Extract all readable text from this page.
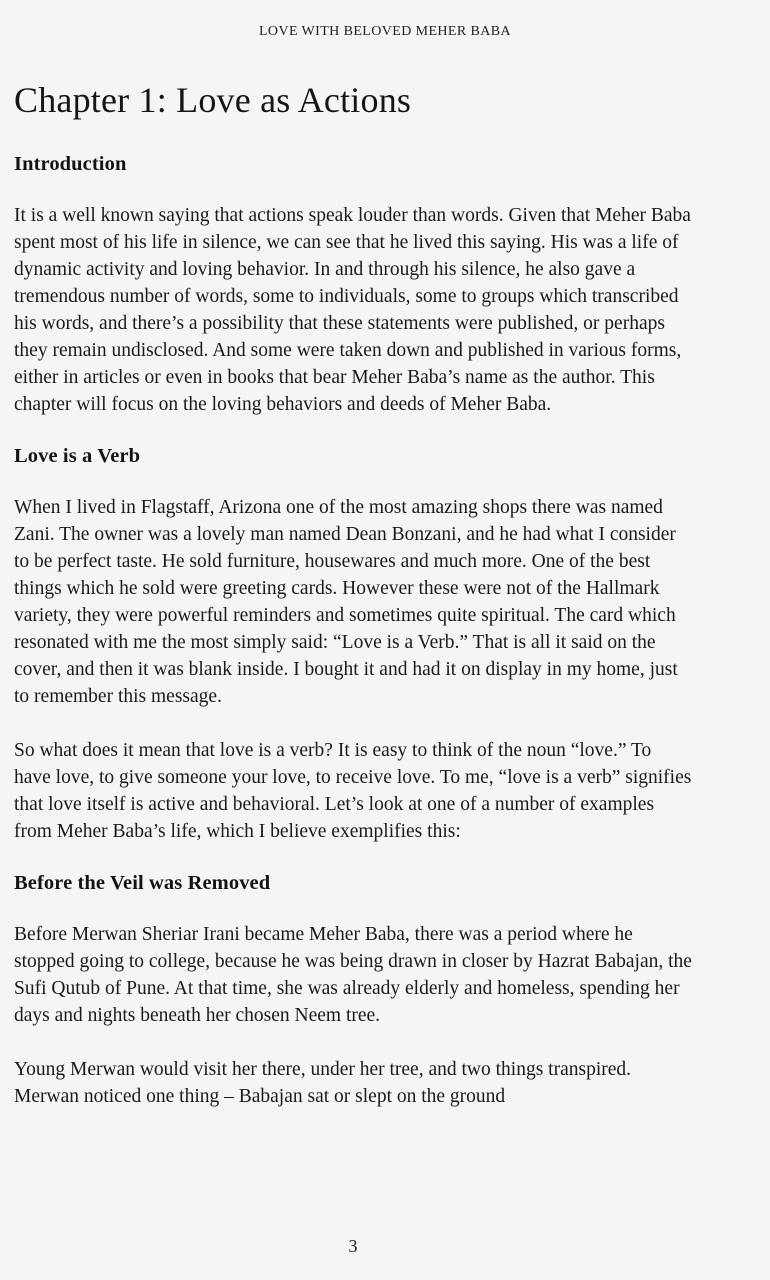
LOVE WITH BELOVED MEHER BABA
Chapter 1: Love as Actions
Introduction

It is a well known saying that actions speak louder than words. Given that Meher Baba spent most of his life in silence, we can see that he lived this saying. His was a life of dynamic activity and loving behavior. In and through his silence, he also gave a tremendous number of words, some to individuals, some to groups which transcribed his words, and there’s a possibility that these statements were published, or perhaps they remain undisclosed. And some were taken down and published in various forms, either in articles or even in books that bear Meher Baba’s name as the author. This chapter will focus on the loving behaviors and deeds of Meher Baba.

Love is a Verb

When I lived in Flagstaff, Arizona one of the most amazing shops there was named Zani. The owner was a lovely man named Dean Bonzani, and he had what I consider to be perfect taste. He sold furniture, housewares and much more. One of the best things which he sold were greeting cards. However these were not of the Hallmark variety, they were powerful reminders and sometimes quite spiritual. The card which resonated with me the most simply said: “Love is a Verb.” That is all it said on the cover, and then it was blank inside. I bought it and had it on display in my home, just to remember this message.

So what does it mean that love is a verb? It is easy to think of the noun “love.” To have love, to give someone your love, to receive love. To me, “love is a verb” signifies that love itself is active and behavioral. Let’s look at one of a number of examples from Meher Baba’s life, which I believe exemplifies this:

Before the Veil was Removed

Before Merwan Sheriar Irani became Meher Baba, there was a period where he stopped going to college, because he was being drawn in closer by Hazrat Babajan, the Sufi Qutub of Pune. At that time, she was already elderly and homeless, spending her days and nights beneath her chosen Neem tree.

Young Merwan would visit her there, under her tree, and two things transpired. Merwan noticed one thing – Babajan sat or slept on the ground

3
